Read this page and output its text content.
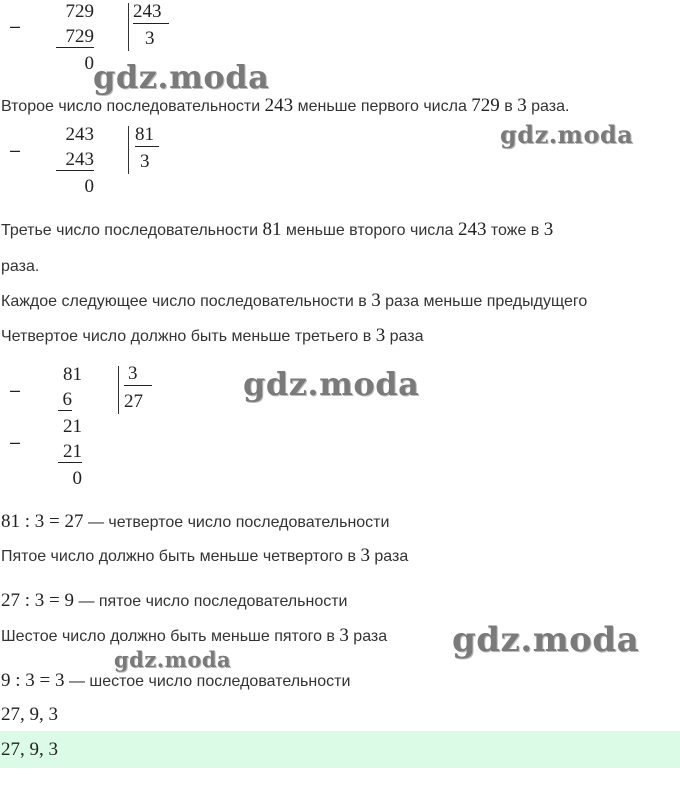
–
729
729
0
243
3
gdz.moda
Второе число последовательности 243 меньше первого числа 729 в 3 раза.
–
243
243
0
81
3
gdz.moda
Третье число последовательности 81 меньше второго числа 243 тоже в 3
раза.
Каждое следующее число последовательности в 3 раза меньше предыдущего
Четвертое число должно быть меньше третьего в 3 раза
–
81
6
–
21
21
0
3
27	gdz.moda
81 : 3 = 27 — четвертое число последовательности
Пятое число должно быть меньше четвертого в 3 раза
27 : 3 = 9 — пятое число последовательности
Шестое число должно быть меньше пятого в 3 раза gdz.moda
gdz.moda
9 : 3 = 3 — шестое число последовательности
27, 9, 3
27, 9, 3
